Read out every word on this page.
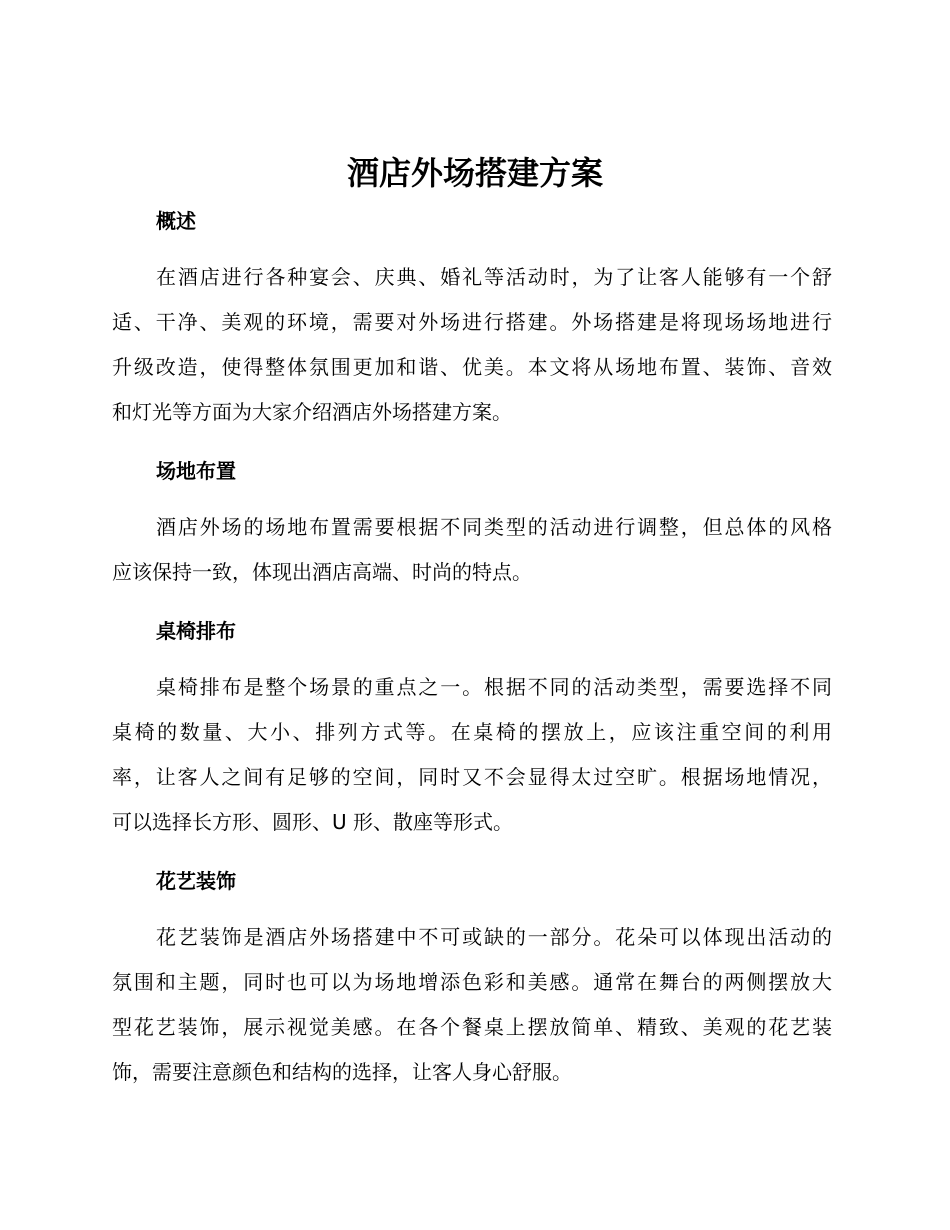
酒店外场搭建方案
概述
在酒店进行各种宴会、庆典、婚礼等活动时，为了让客人能够有一个舒
适、干净、美观的环境，需要对外场进行搭建。外场搭建是将现场场地进行
升级改造，使得整体氛围更加和谐、优美。本文将从场地布置、装饰、音效
和灯光等方面为大家介绍酒店外场搭建方案。
场地布置
酒店外场的场地布置需要根据不同类型的活动进行调整，但总体的风格
应该保持一致，体现出酒店高端、时尚的特点。
桌椅排布
桌椅排布是整个场景的重点之一。根据不同的活动类型，需要选择不同
桌椅的数量、大小、排列方式等。在桌椅的摆放上，应该注重空间的利用
率，让客人之间有足够的空间，同时又不会显得太过空旷。根据场地情况，
可以选择长方形、圆形、U 形、散座等形式。
花艺装饰
花艺装饰是酒店外场搭建中不可或缺的一部分。花朵可以体现出活动的
氛围和主题，同时也可以为场地增添色彩和美感。通常在舞台的两侧摆放大
型花艺装饰，展示视觉美感。在各个餐桌上摆放简单、精致、美观的花艺装
饰，需要注意颜色和结构的选择，让客人身心舒服。
